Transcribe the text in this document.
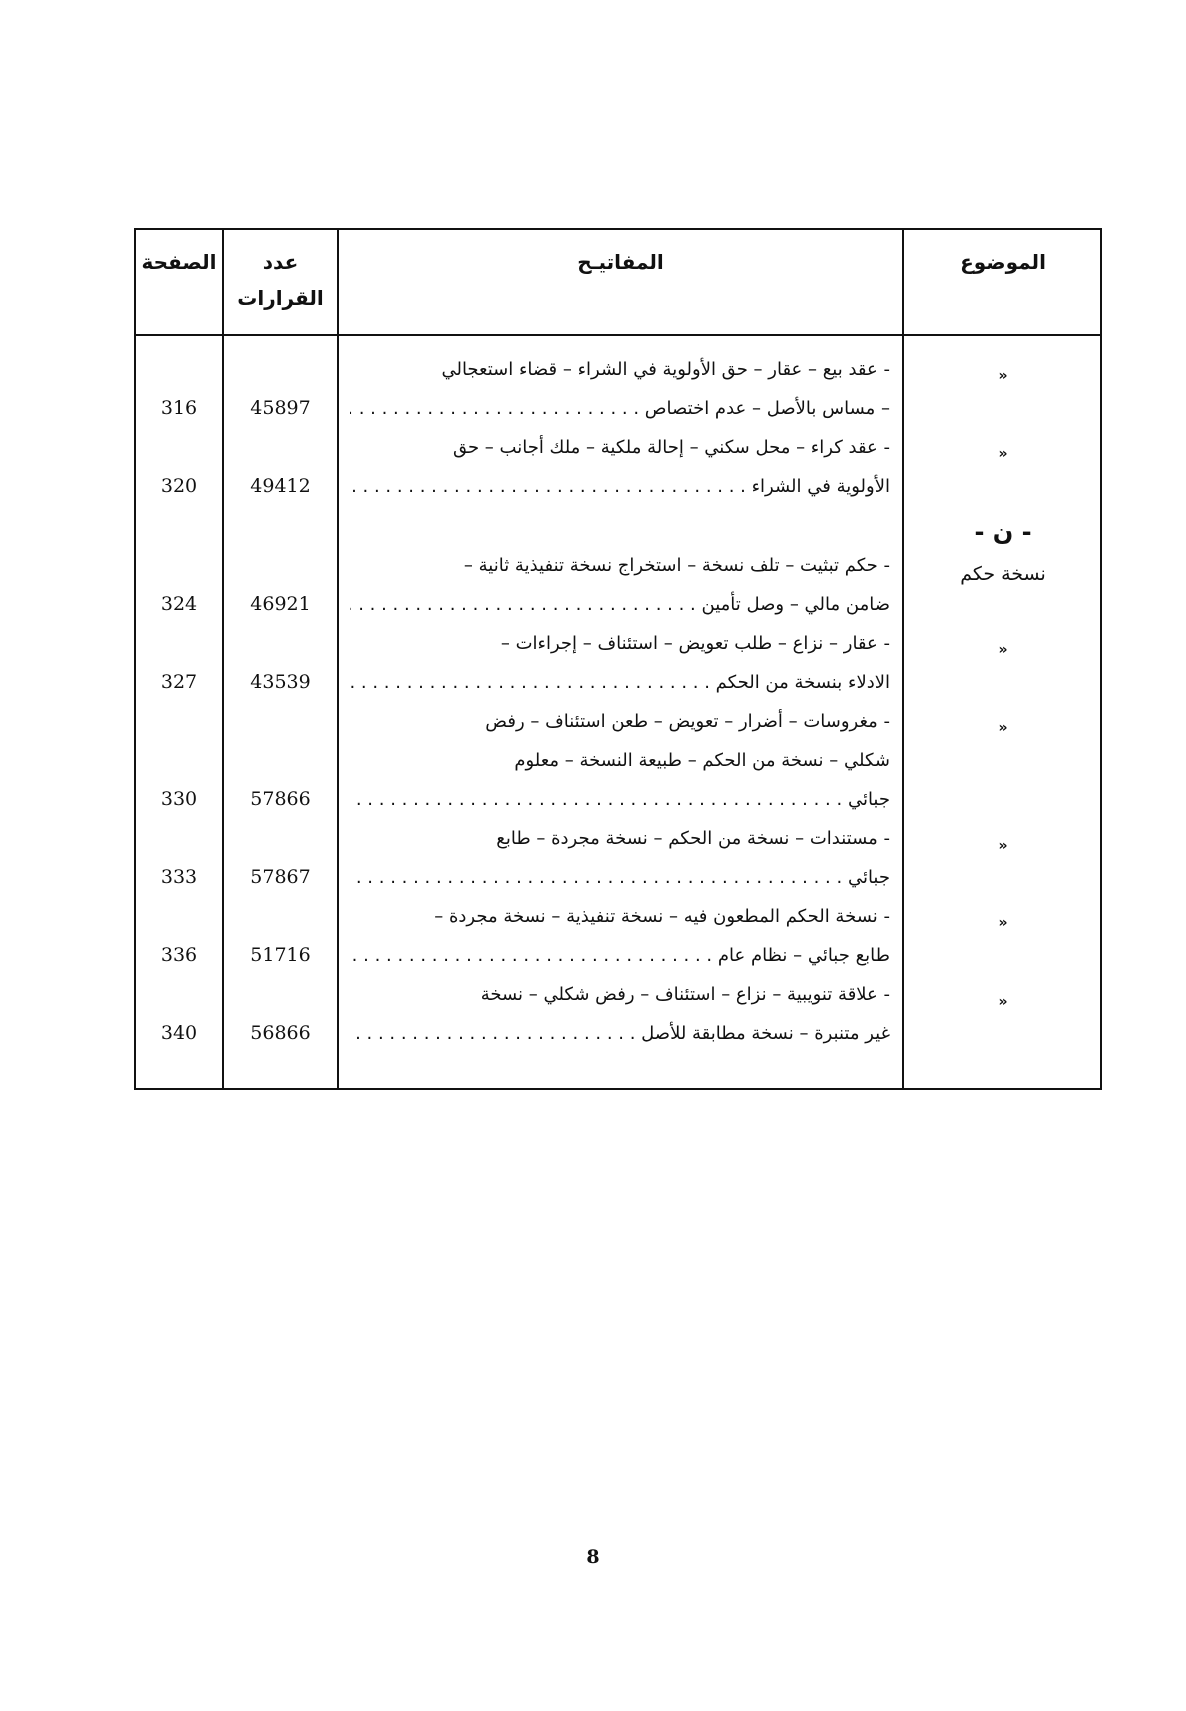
الصفحة	عدد
القرارات
المفاتيـح	الموضوع
»
»
- ن -
نسخة حكم
»
»
»
»
»
- عقد بيع – عقار – حق الأولوية في الشراء – قضاء استعجالي
– مساس بالأصل – عدم اختصاص . . .
45897
316
- عقد كراء – محل سكني – إحالة ملكية – ملك أجانب – حق
الأولوية في الشراء . . .
49412
320
- حكم تبثيت – تلف نسخة – استخراج نسخة تنفيذية ثانية –
ضامن مالي – وصل تأمين . . .
46921
324
- عقار – نزاع – طلب تعويض – استئناف – إجراءات –
الادلاء بنسخة من الحكم . . .
43539
327
- مغروسات – أضرار – تعويض – طعن استئناف – رفض
شكلي – نسخة من الحكم – طبيعة النسخة – معلوم
جبائي . . .
57866
330
- مستندات – نسخة من الحكم – نسخة مجردة – طابع
جبائي . . .
57867
333
- نسخة الحكم المطعون فيه – نسخة تنفيذية – نسخة مجردة –
طابع جبائي – نظام عام . . .
51716
336
- علاقة تنويبية – نزاع – استئناف – رفض شكلي – نسخة
غير متنبرة – نسخة مطابقة للأصل . . .
56866
340
8
